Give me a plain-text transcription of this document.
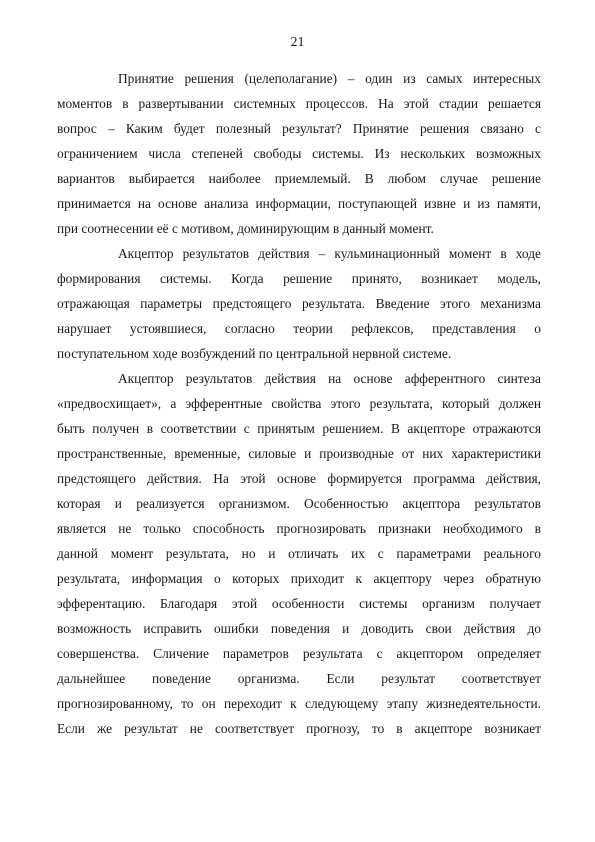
21
Принятие решения (целеполагание) – один из самых интересных
моментов в развертывании системных процессов. На этой стадии решается
вопрос – Каким будет полезный результат? Принятие решения связано с
ограничением числа степеней свободы системы. Из нескольких возможных
вариантов выбирается наиболее приемлемый. В любом случае решение
принимается на основе анализа информации, поступающей извне и из памяти,
при соотнесении её с мотивом, доминирующим в данный момент.
Акцептор результатов действия – кульминационный момент в ходе
формирования системы. Когда решение принято, возникает модель,
отражающая параметры предстоящего результата. Введение этого механизма
нарушает устоявшиеся, согласно теории рефлексов, представления о
поступательном ходе возбуждений по центральной нервной системе.
Акцептор результатов действия на основе афферентного синтеза
«предвосхищает», а эфферентные свойства этого результата, который должен
быть получен в соответствии с принятым решением. В акцепторе отражаются
пространственные, временные, силовые и производные от них характеристики
предстоящего действия. На этой основе формируется программа действия,
которая и реализуется организмом. Особенностью акцептора результатов
является не только способность прогнозировать признаки необходимого в
данной момент результата, но и отличать их с параметрами реального
результата, информация о которых приходит к акцептору через обратную
эфферентацию. Благодаря этой особенности системы организм получает
возможность исправить ошибки поведения и доводить свои действия до
совершенства. Сличение параметров результата с акцептором определяет
дальнейшее поведение организма. Если результат соответствует
прогнозированному, то он переходит к следующему этапу жизнедеятельности.
Если же результат не соответствует прогнозу, то в акцепторе возникает
